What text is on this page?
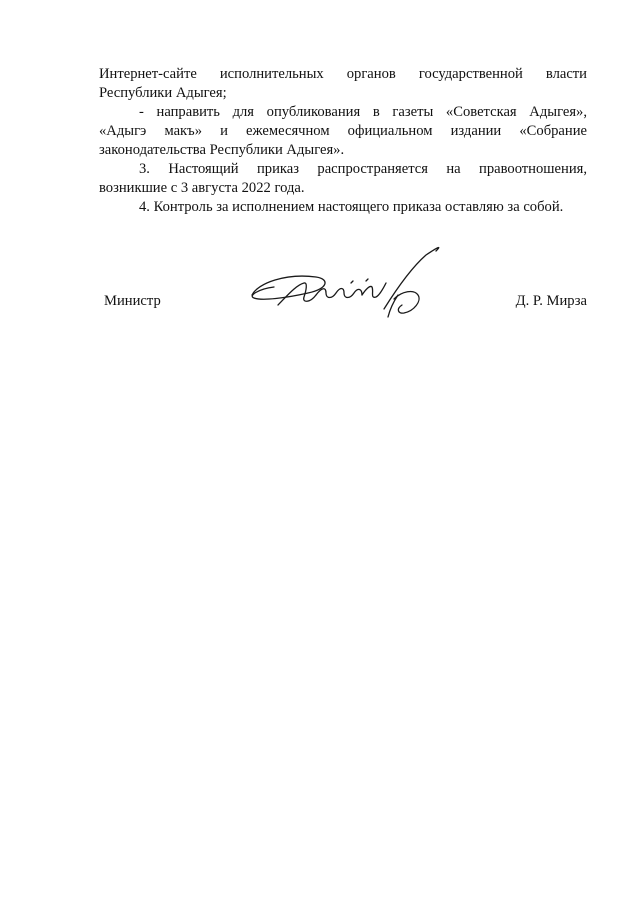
Интернет-сайте исполнительных органов государственной власти
Республики Адыгея;

- направить для опубликования в газеты «Советская Адыгея»,
«Адыгэ макъ» и ежемесячном официальном издании «Собрание
законодательства Республики Адыгея».

3. Настоящий приказ распространяется на правоотношения,
возникшие с 3 августа 2022 года.

4. Контроль за исполнением настоящего приказа оставляю за собой.

Министр	Д. Р. Мирза
